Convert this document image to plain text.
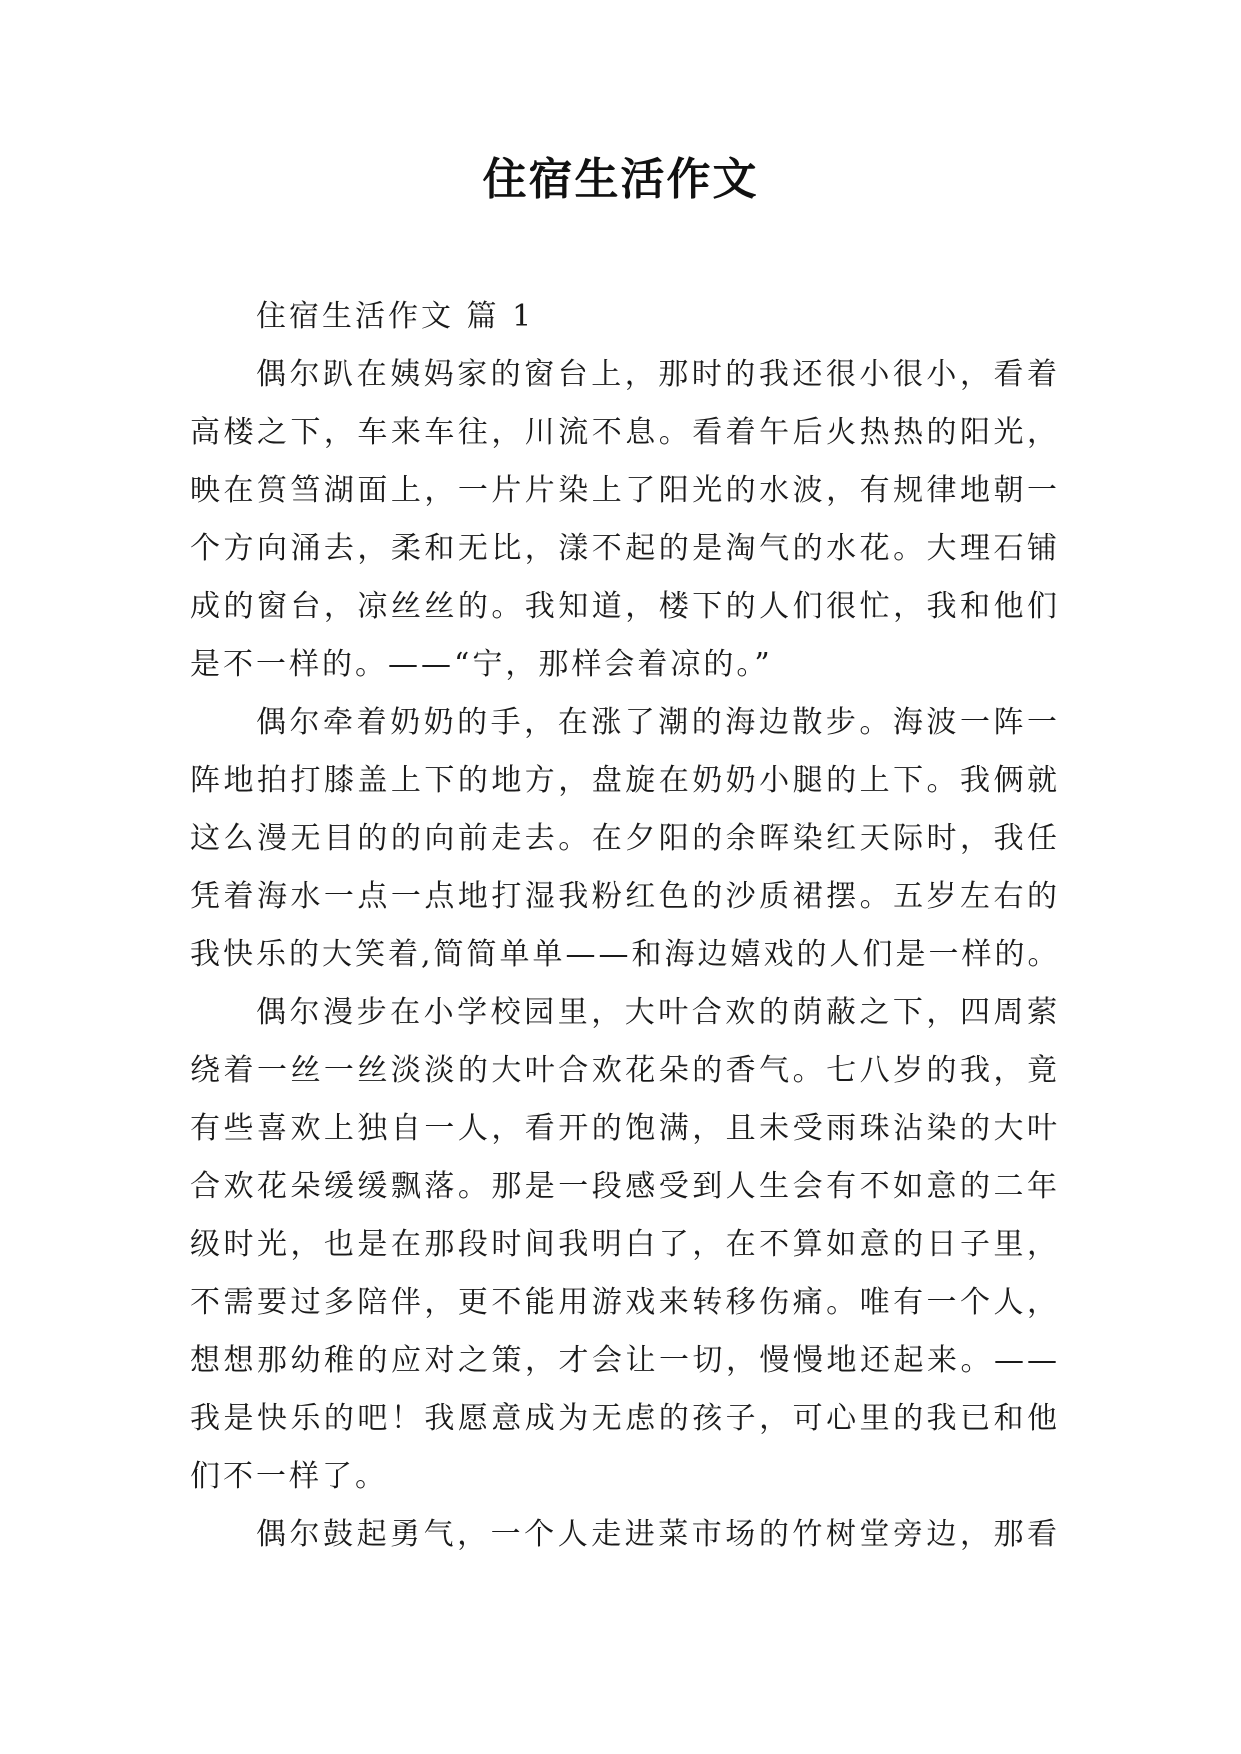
住宿生活作文

住宿生活作文 篇 1

偶尔趴在姨妈家的窗台上，那时的我还很小很小，看着
高楼之下，车来车往，川流不息。看着午后火热热的阳光，
映在筼筜湖面上，一片片染上了阳光的水波，有规律地朝一
个方向涌去，柔和无比，漾不起的是淘气的水花。大理石铺
成的窗台，凉丝丝的。我知道，楼下的人们很忙，我和他们
是不一样的。——“宁，那样会着凉的。”
偶尔牵着奶奶的手，在涨了潮的海边散步。海波一阵一
阵地拍打膝盖上下的地方，盘旋在奶奶小腿的上下。我俩就
这么漫无目的的向前走去。在夕阳的余晖染红天际时，我任
凭着海水一点一点地打湿我粉红色的沙质裙摆。五岁左右的
我快乐的大笑着,简简单单——和海边嬉戏的人们是一样的。
偶尔漫步在小学校园里，大叶合欢的荫蔽之下，四周萦
绕着一丝一丝淡淡的大叶合欢花朵的香气。七八岁的我，竟
有些喜欢上独自一人，看开的饱满，且未受雨珠沾染的大叶
合欢花朵缓缓飘落。那是一段感受到人生会有不如意的二年
级时光，也是在那段时间我明白了，在不算如意的日子里，
不需要过多陪伴，更不能用游戏来转移伤痛。唯有一个人，
想想那幼稚的应对之策，才会让一切，慢慢地还起来。——
我是快乐的吧！我愿意成为无虑的孩子，可心里的我已和他
们不一样了。
偶尔鼓起勇气，一个人走进菜市场的竹树堂旁边，那看
